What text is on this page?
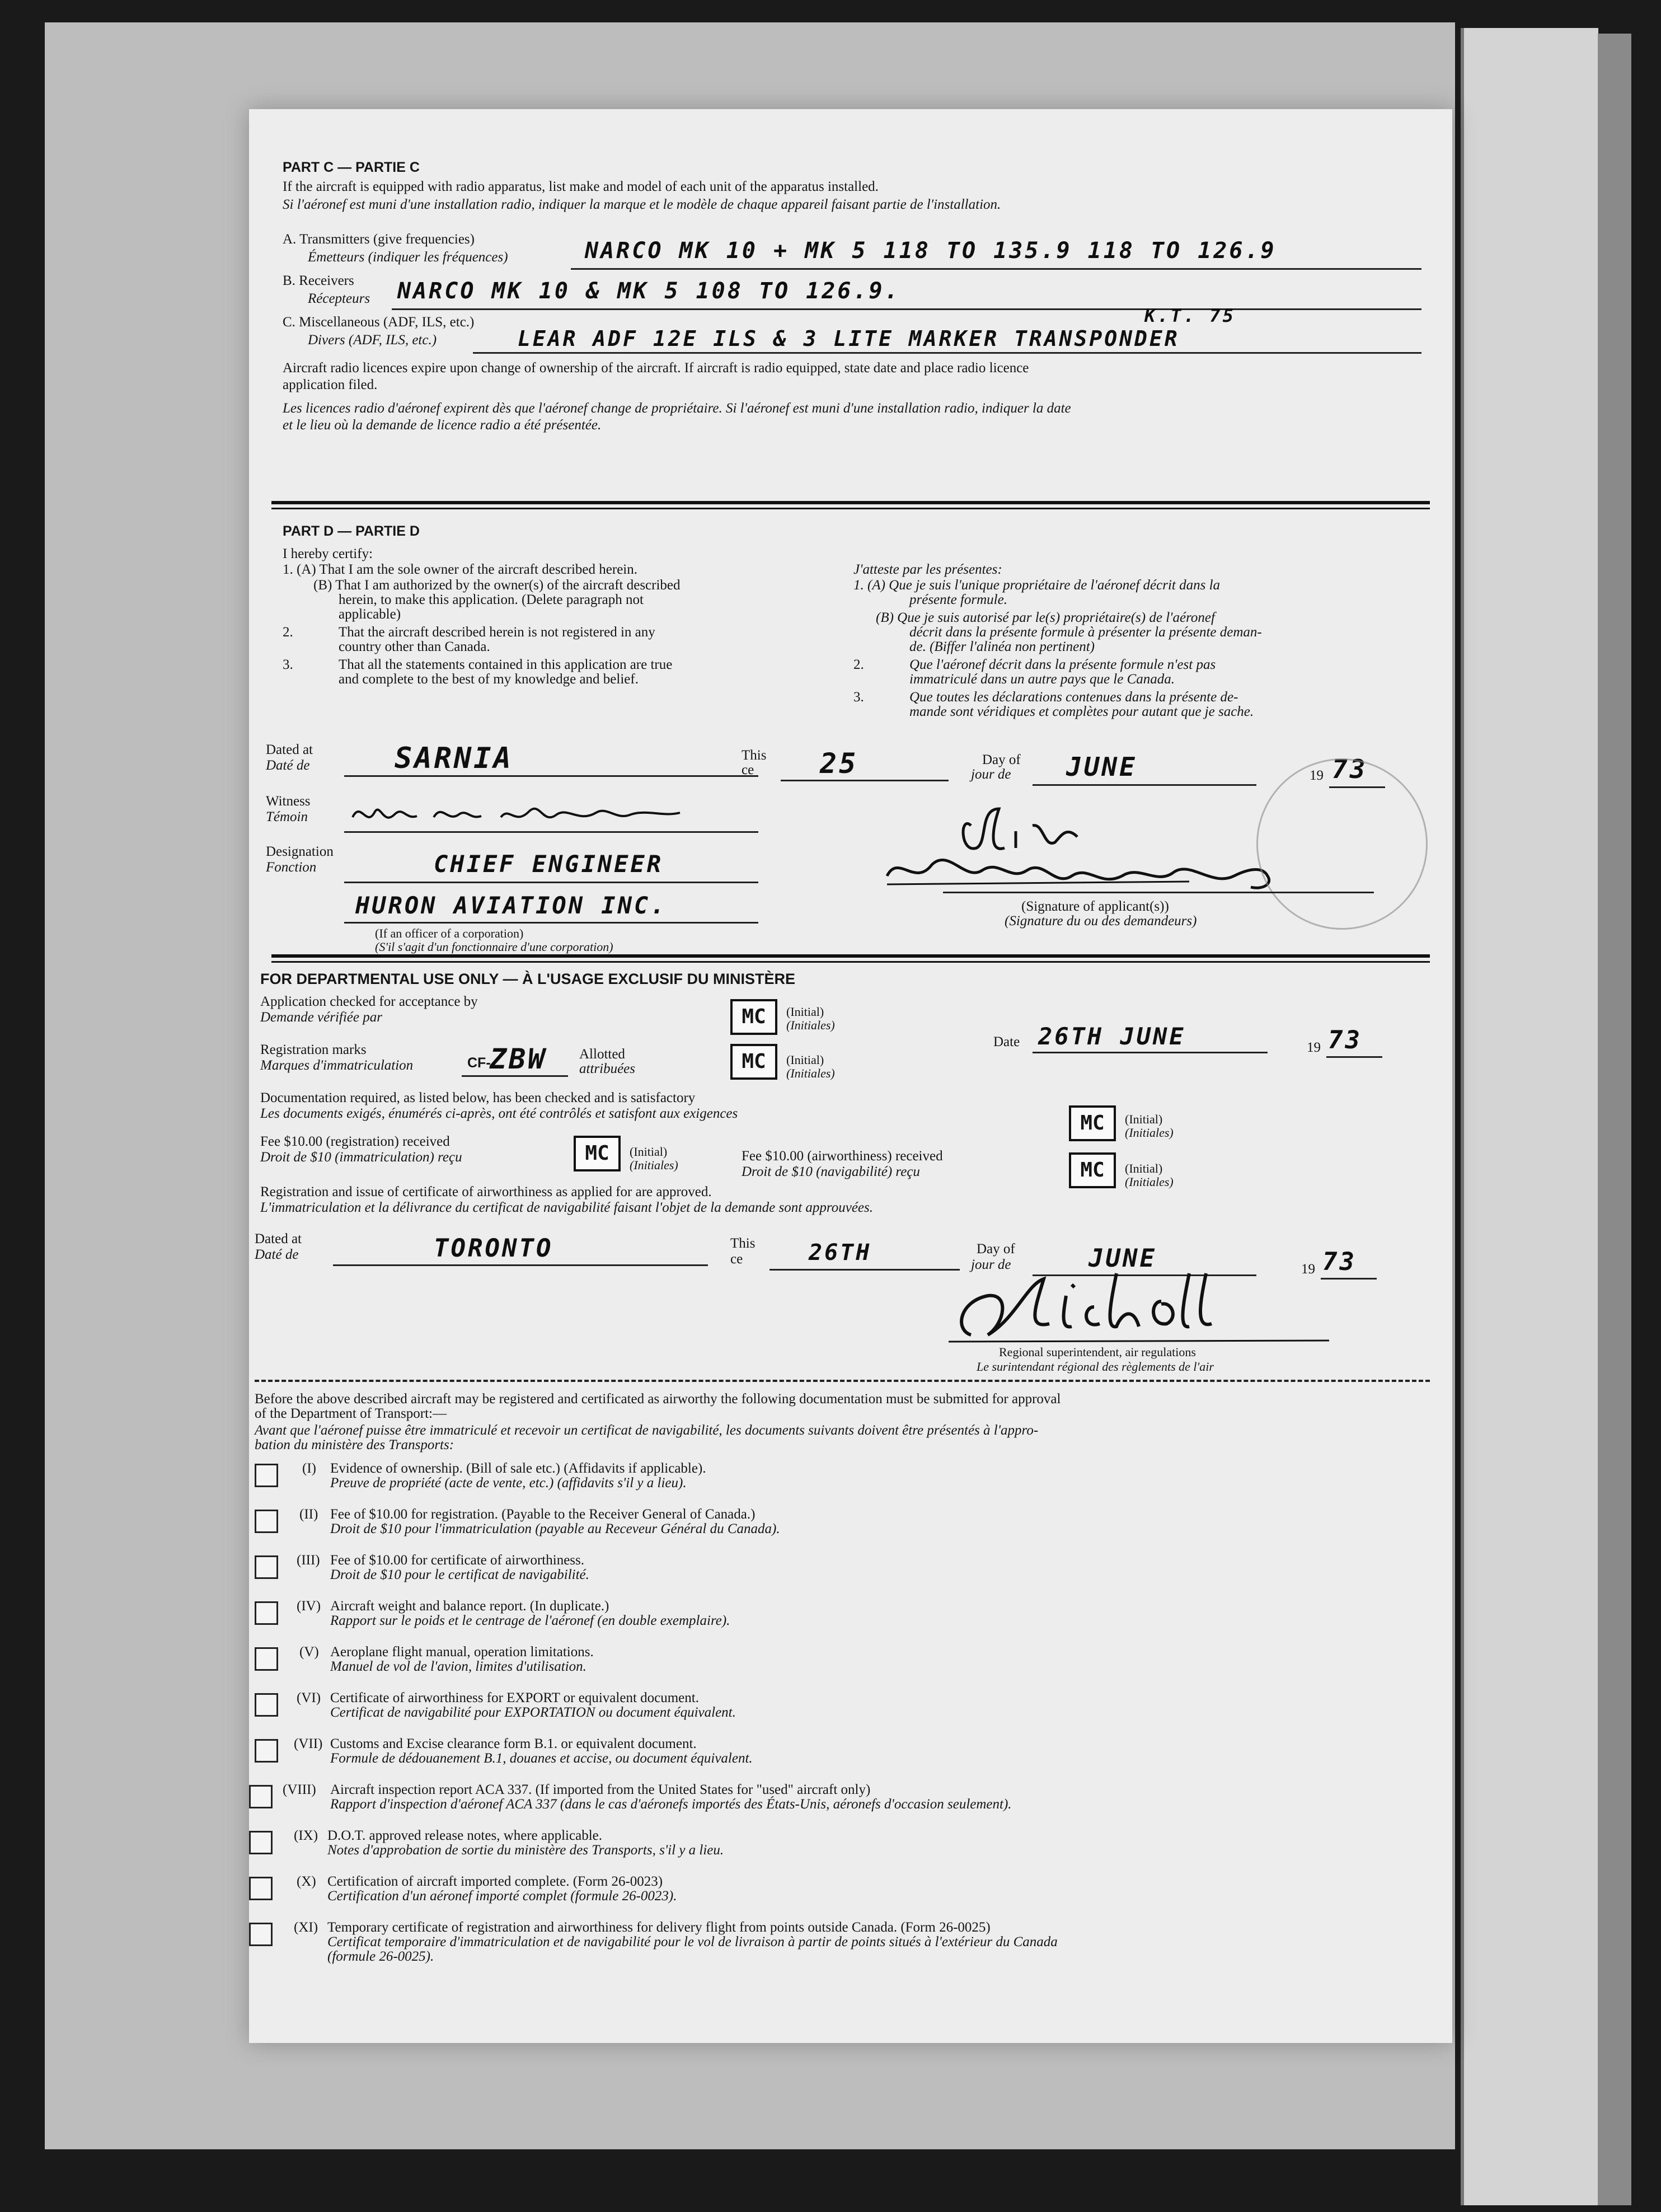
PART C — PARTIE C
If the aircraft is equipped with radio apparatus, list make and model of each unit of the apparatus installed.
Si l'aéronef est muni d'une installation radio, indiquer la marque et le modèle de chaque appareil faisant partie de l'installation.
A. Transmitters (give frequencies)
Émetteurs (indiquer les fréquences)	NARCO MK 10 + MK 5 118 TO 135.9 118 TO 126.9
B. Receivers
Récepteurs NARCO MK 10 & MK 5 108 TO 126.9.
C. Miscellaneous (ADF, ILS, etc.)
Divers (ADF, ILS, etc.)
K.T. 75
LEAR ADF 12E ILS & 3 LITE MARKER TRANSPONDER
Aircraft radio licences expire upon change of ownership of the aircraft. If aircraft is radio equipped, state date and place radio licence
application filed.
Les licences radio d'aéronef expirent dès que l'aéronef change de propriétaire. Si l'aéronef est muni d'une installation radio, indiquer la date
et le lieu où la demande de licence radio a été présentée.
PART D — PARTIE D
I hereby certify:
1. (A) That I am the sole owner of the aircraft described herein.
(B) That I am authorized by the owner(s) of the aircraft described
herein, to make this application. (Delete paragraph not
applicable)
2.	That the aircraft described herein is not registered in any
country other than Canada.
3.	That all the statements contained in this application are true
and complete to the best of my knowledge and belief.
J'atteste par les présentes:
1. (A) Que je suis l'unique propriétaire de l'aéronef décrit dans la
présente formule.
(B) Que je suis autorisé par le(s) propriétaire(s) de l'aéronef
décrit dans la présente formule à présenter la présente deman-
de. (Biffer l'alinéa non pertinent)
2.	Que l'aéronef décrit dans la présente formule n'est pas
immatriculé dans un autre pays que le Canada.
3.	Que toutes les déclarations contenues dans la présente de-
mande sont véridiques et complètes pour autant que je sache.
Dated at
Daté de	SARNIA	This
ce 25	Day of
jour de JUNE	19 73
Witness
Témoin
Designation
Fonction	CHIEF ENGINEER
HURON AVIATION INC.
(If an officer of a corporation)
(S'il s'agit d'un fonctionnaire d'une corporation)
(Signature of applicant(s))
(Signature du ou des demandeurs)
FOR DEPARTMENTAL USE ONLY — À L'USAGE EXCLUSIF DU MINISTÈRE
Application checked for acceptance by
Demande vérifiée par	MC	(Initial)
(Initiales)
Date 26TH JUNE	19 73
Registration marks
Marques d'immatriculation	CF-
ZBW Allotted
attribuées	MC	(Initial)
(Initiales)
Documentation required, as listed below, has been checked and is satisfactory
Les documents exigés, énumérés ci-après, ont été contrôlés et satisfont aux exigences	MC	(Initial)
(Initiales)
Fee $10.00 (registration) received
Droit de $10 (immatriculation) reçu	MC	(Initial)
(Initiales)
Fee $10.00 (airworthiness) received
Droit de $10 (navigabilité) reçu	MC	(Initial)
(Initiales)
Registration and issue of certificate of airworthiness as applied for are approved.
L'immatriculation et la délivrance du certificat de navigabilité faisant l'objet de la demande sont approuvées.
Dated at
Daté de	TORONTO	This
ce	26TH	Day of
jour de	JUNE	19 73
Regional superintendent, air regulations
Le surintendant régional des règlements de l'air
Before the above described aircraft may be registered and certificated as airworthy the following documentation must be submitted for approval
of the Department of Transport:—
Avant que l'aéronef puisse être immatriculé et recevoir un certificat de navigabilité, les documents suivants doivent être présentés à l'appro-
bation du ministère des Transports:
(I) Evidence of ownership. (Bill of sale etc.) (Affidavits if applicable).
Preuve de propriété (acte de vente, etc.) (affidavits s'il y a lieu).
(II) Fee of $10.00 for registration. (Payable to the Receiver General of Canada.)
Droit de $10 pour l'immatriculation (payable au Receveur Général du Canada).
(III) Fee of $10.00 for certificate of airworthiness.
Droit de $10 pour le certificat de navigabilité.
(IV) Aircraft weight and balance report. (In duplicate.)
Rapport sur le poids et le centrage de l'aéronef (en double exemplaire).
(V) Aeroplane flight manual, operation limitations.
Manuel de vol de l'avion, limites d'utilisation.
(VI) Certificate of airworthiness for EXPORT or equivalent document.
Certificat de navigabilité pour EXPORTATION ou document équivalent.
(VII) Customs and Excise clearance form B.1. or equivalent document.
Formule de dédouanement B.1, douanes et accise, ou document équivalent.
(VIII) Aircraft inspection report ACA 337. (If imported from the United States for "used" aircraft only)
Rapport d'inspection d'aéronef ACA 337 (dans le cas d'aéronefs importés des États-Unis, aéronefs d'occasion seulement).
(IX) D.O.T. approved release notes, where applicable.
Notes d'approbation de sortie du ministère des Transports, s'il y a lieu.
(X) Certification of aircraft imported complete. (Form 26-0023)
Certification d'un aéronef importé complet (formule 26-0023).
(XI) Temporary certificate of registration and airworthiness for delivery flight from points outside Canada. (Form 26-0025)
Certificat temporaire d'immatriculation et de navigabilité pour le vol de livraison à partir de points situés à l'extérieur du Canada
(formule 26-0025).
